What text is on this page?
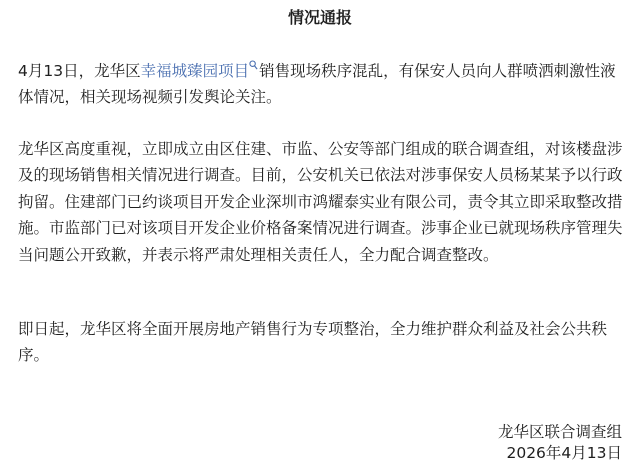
情况通报

4月13日，龙华区幸福城臻园项目 销售现场秩序混乱，有保安人员向人群喷洒刺激性液体情况，相关现场视频引发舆论关注。

龙华区高度重视，立即成立由区住建、市监、公安等部门组成的联合调查组，对该楼盘涉及的现场销售相关情况进行调查。目前，公安机关已依法对涉事保安人员杨某某予以行政拘留。住建部门已约谈项目开发企业深圳市鸿耀泰实业有限公司，责令其立即采取整改措施。市监部门已对该项目开发企业价格备案情况进行调查。涉事企业已就现场秩序管理失当问题公开致歉，并表示将严肃处理相关责任人，全力配合调查整改。

即日起，龙华区将全面开展房地产销售行为专项整治，全力维护群众利益及社会公共秩序。

龙华区联合调查组
2026年4月13日
